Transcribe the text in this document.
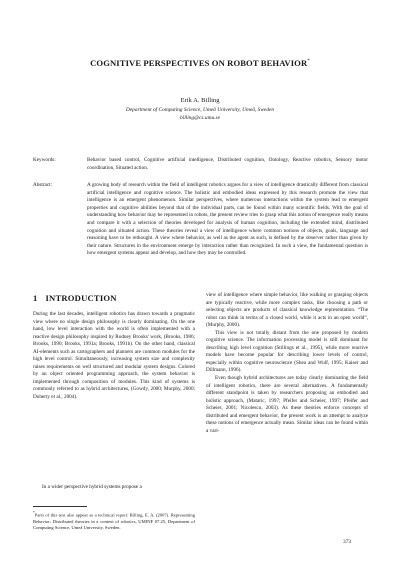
COGNITIVE PERSPECTIVES ON ROBOT BEHAVIOR*
Erik A. Billing
Department of Computing Science, Umeå University, Umeå, Sweden
billing@cs.umu.se
Keywords:	Behavior based control, Cognitive artificial intelligence, Distributed cognition, Ontology, Reactive robotics, Sensory motor coordination, Situated action.
Abstract:	A growing body of research within the field of intelligent robotics argues for a view of intelligence drastically different from classical artificial intelligence and cognitive science. The holistic and embodied ideas expressed by this research promote the view that intelligence is an emergent phenomenon. Similar perspectives, where numerous interactions within the system lead to emergent properties and cognitive abilities beyond that of the individual parts, can be found within many scientific fields. With the goal of understanding how behavior may be represented in robots, the present review tries to grasp what this notion of emergence really means and compare it with a selection of theories developed for analysis of human cognition, including the extended mind, distributed cognition and situated action. These theories reveal a view of intelligence where common notions of objects, goals, language and reasoning have to be rethought. A view where behavior, as well as the agent as such, is defined by the observer rather than given by their nature. Structures in the environment emerge by interaction rather than recognized. In such a view, the fundamental question is how emergent systems appear and develop, and how they may be controlled.
1 INTRODUCTION

During the last decades, intelligent robotics has drawn towards a pragmatic view where no single design philosophy is clearly dominating. On the one hand, low level interaction with the world is often implemented with a reactive design philosophy inspired by Rodney Brooks' work, (Brooks, 1986; Brooks, 1990; Brooks, 1991a; Brooks, 1991b). On the other hand, classical AI-elements such as cartographers and planners are common modules for the high level control. Simultaneously, increasing system size and complexity raises requirements on well structured and modular system designs. Colored by an object oriented programming approach, the system behavior is implemented through composition of modules. This kind of systems is commonly referred to as hybrid architectures, (Gowdy, 2000; Murphy, 2000; Doherty et al., 2004).

In a wider perspective hybrid systems propose a

*Parts of this text also appear as a technical report: Billing, E. A. (2007). Representing Behavior: Distributed theories in a context of robotics, UMINF 07.25, Department of Computing Science, Umeå University, Sweden.

view of intelligence where simple behavior, like walking or grasping objects are typically reactive, while more complex tasks, like choosing a path or selecting objects are products of classical knowledge representation. “The robot can think in terms of a closed world, while it acts in an open world”, (Murphy, 2000).

This view is not totally distant from the one proposed by modern cognitive science. The information processing model is still dominant for describing high level cognition (Stillings et al., 1995), while more reactive models have become popular for describing lower levels of control, especially within cognitive neuroscience (Shea and Wulf, 1995; Kaiser and Dillmann, 1996).

Even though hybrid architectures are today clearly dominating the field of intelligent robotics, there are several alternatives. A fundamentally different standpoint is taken by researchers proposing an embodied and holistic approach, (Mataric, 1997; Pfeifer and Scheier, 1997; Pfeifer and Scheier, 2001; Nicolescu, 2003). As these theories enforce concepts of distributed and emergent behavior, the present work is an attempt to analyze these notions of emergence actually mean. Similar ideas can be found within a vari-

373
